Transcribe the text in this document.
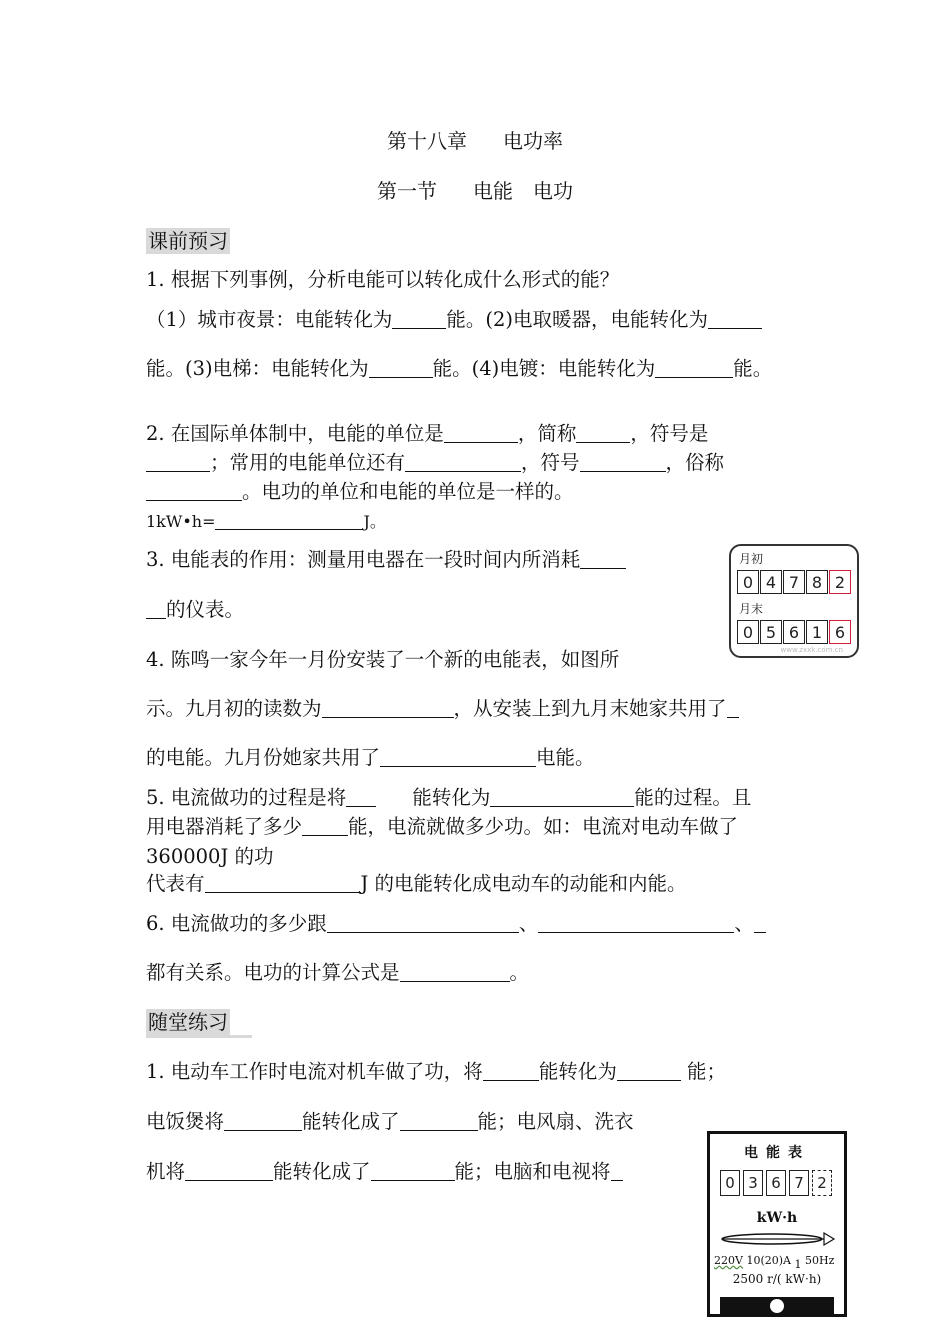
第十八章 电功率
第一节 电能 电功
课前预习
1. 根据下列事例，分析电能可以转化成什么形式的能？
（1）城市夜景：电能转化为	能。(2)电取暖器，电能转化为
能。(3)电梯：电能转化为	能。(4)电镀：电能转化为	能。
2. 在国际单体制中，电能的单位是	，简称	，符号是
；常用的电能单位还有	，符号	，俗称
。电功的单位和电能的单位是一样的。
1kW•h=	J。
3. 电能表的作用：测量用电器在一段时间内所消耗
的仪表。
月初
0 4 7 8 2
月末
0 5 6 1 6
www.zxxk.com.cn
4. 陈鸣一家今年一月份安装了一个新的电能表，如图所
示。九月初的读数为	，从安装上到九月末她家共用了
的电能。九月份她家共用了	电能。
5. 电流做功的过程是将	能转化为	能的过程。且
用电器消耗了多少 能，电流就做多少功。如：电流对电动车做了
360000J 的功
代表有	J 的电能转化成电动车的动能和内能。
6. 电流做功的多少跟	、	、
都有关系。电功的计算公式是	。
随堂练习
1. 电动车工作时电流对机车做了功，将	能转化为	能；
电饭煲将	能转化成了	能；电风扇、洗衣
机将	能转化成了	能；电脑和电视将
电能表
0 3 6 7 2
kW·h
220V 10(20)A 1 50Hz
2500 r/( kW·h)
